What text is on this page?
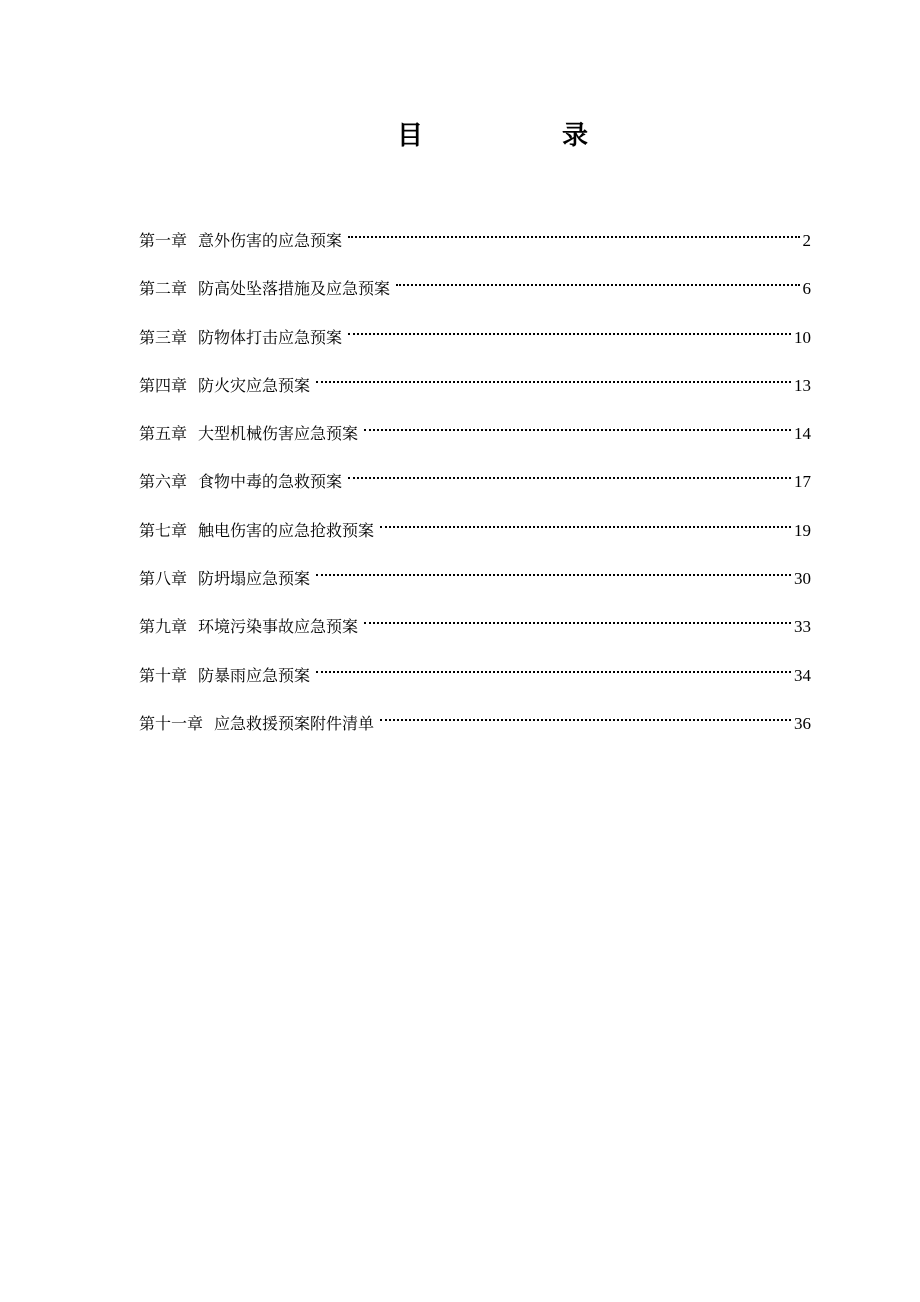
目	录
第一章 意外伤害的应急预案	2
第二章 防高处坠落措施及应急预案	6
第三章 防物体打击应急预案	10
第四章 防火灾应急预案	13
第五章 大型机械伤害应急预案	14
第六章 食物中毒的急救预案	17
第七章 触电伤害的应急抢救预案	19
第八章 防坍塌应急预案	30
第九章 环境污染事故应急预案	33
第十章 防暴雨应急预案	34
第十一章 应急救援预案附件清单	36
